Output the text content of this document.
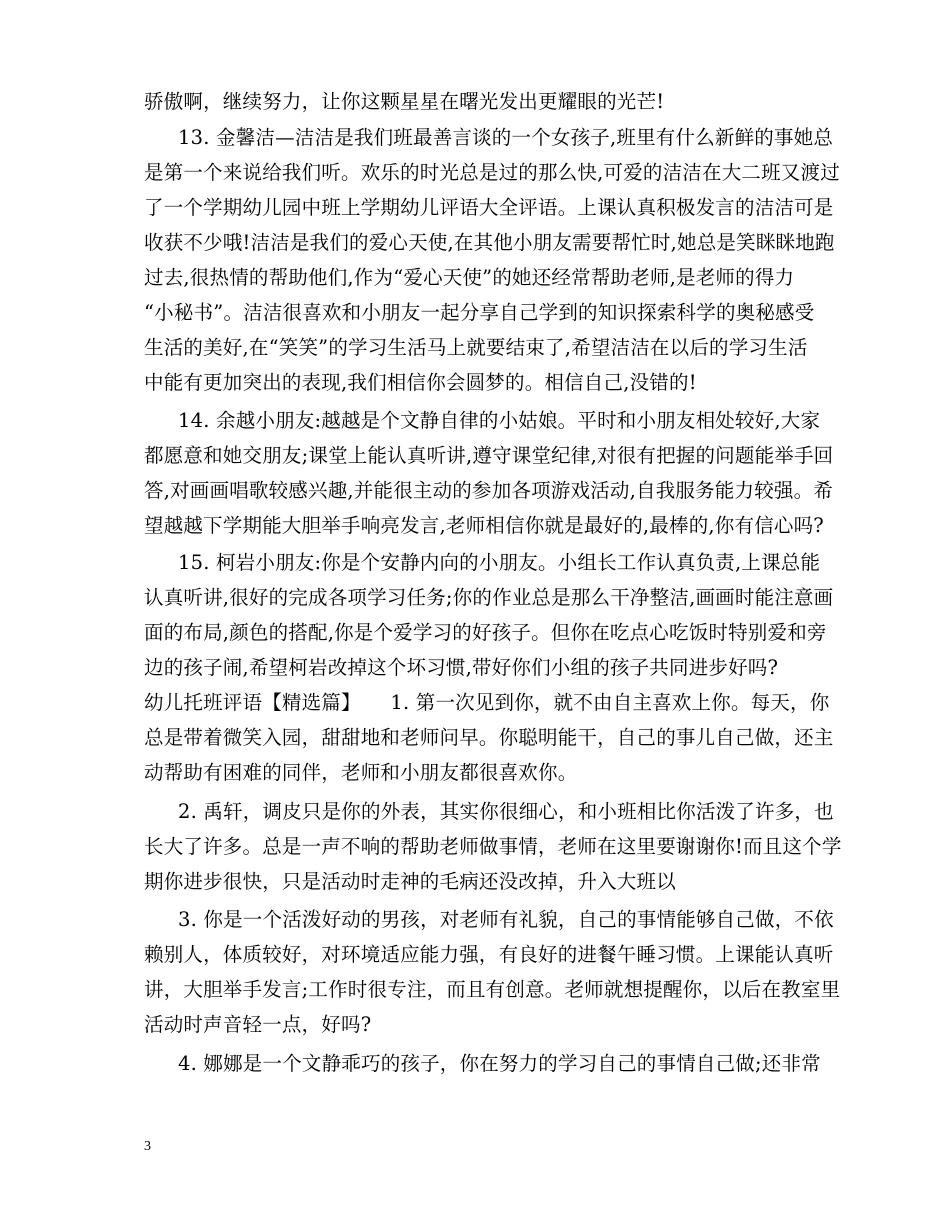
骄傲啊，继续努力，让你这颗星星在曙光发出更耀眼的光芒!
13. 金馨洁—洁洁是我们班最善言谈的一个女孩子,班里有什么新鲜的事她总
是第一个来说给我们听。欢乐的时光总是过的那么快,可爱的洁洁在大二班又渡过
了一个学期幼儿园中班上学期幼儿评语大全评语。上课认真积极发言的洁洁可是
收获不少哦!洁洁是我们的爱心天使,在其他小朋友需要帮忙时,她总是笑眯眯地跑
过去,很热情的帮助他们,作为“爱心天使”的她还经常帮助老师,是老师的得力
“小秘书”。洁洁很喜欢和小朋友一起分享自己学到的知识探索科学的奥秘感受
生活的美好,在“笑笑”的学习生活马上就要结束了,希望洁洁在以后的学习生活
中能有更加突出的表现,我们相信你会圆梦的。相信自己,没错的!
14. 余越小朋友:越越是个文静自律的小姑娘。平时和小朋友相处较好,大家
都愿意和她交朋友;课堂上能认真听讲,遵守课堂纪律,对很有把握的问题能举手回
答,对画画唱歌较感兴趣,并能很主动的参加各项游戏活动,自我服务能力较强。希
望越越下学期能大胆举手响亮发言,老师相信你就是最好的,最棒的,你有信心吗?
15. 柯岩小朋友:你是个安静内向的小朋友。小组长工作认真负责,上课总能
认真听讲,很好的完成各项学习任务;你的作业总是那么干净整洁,画画时能注意画
面的布局,颜色的搭配,你是个爱学习的好孩子。但你在吃点心吃饭时特别爱和旁
边的孩子闹,希望柯岩改掉这个坏习惯,带好你们小组的孩子共同进步好吗?
幼儿托班评语【精选篇】　　1. 第一次见到你，就不由自主喜欢上你。每天，你
总是带着微笑入园，甜甜地和老师问早。你聪明能干，自己的事儿自己做，还主
动帮助有困难的同伴，老师和小朋友都很喜欢你。
2. 禹轩，调皮只是你的外表，其实你很细心，和小班相比你活泼了许多，也
长大了许多。总是一声不响的帮助老师做事情，老师在这里要谢谢你!而且这个学
期你进步很快，只是活动时走神的毛病还没改掉，升入大班以
3. 你是一个活泼好动的男孩，对老师有礼貌，自己的事情能够自己做，不依
赖别人，体质较好，对环境适应能力强，有良好的进餐午睡习惯。上课能认真听
讲，大胆举手发言;工作时很专注，而且有创意。老师就想提醒你，以后在教室里
活动时声音轻一点，好吗?
4. 娜娜是一个文静乖巧的孩子，你在努力的学习自己的事情自己做;还非常
3
